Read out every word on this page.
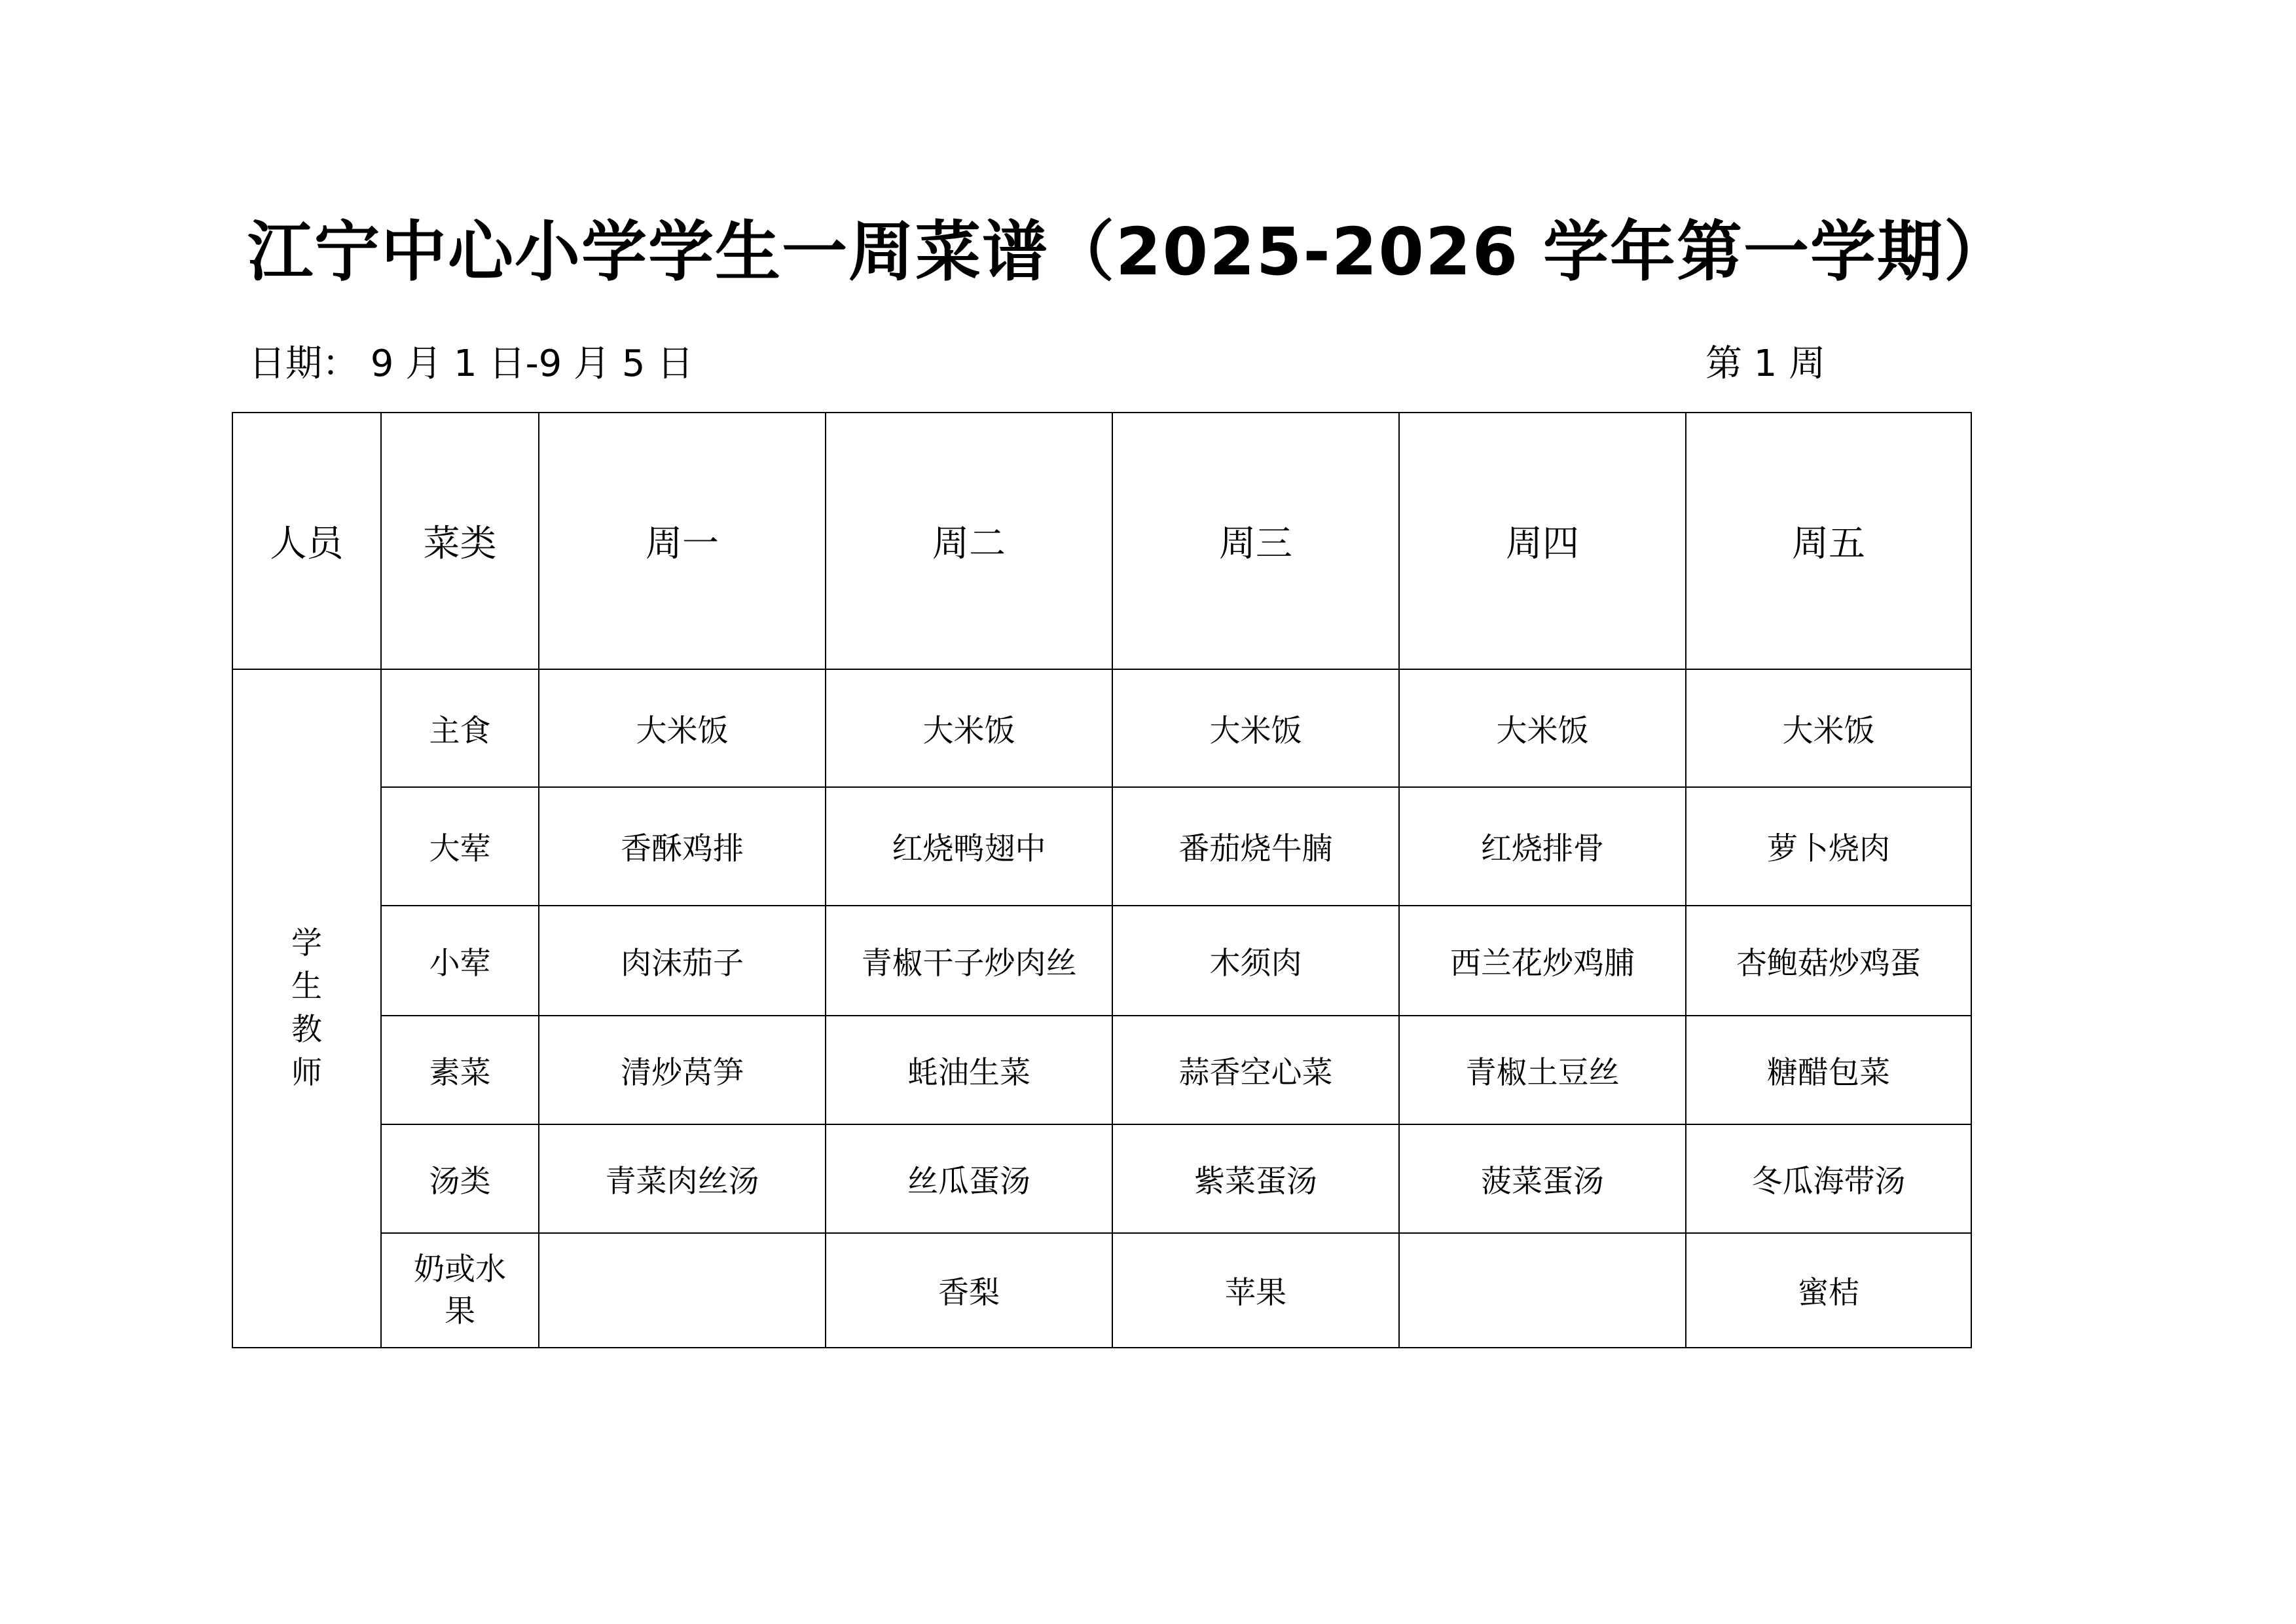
江宁中心小学学生一周菜谱（2025-2026 学年第一学期）
日期： 9 月 1 日-9 月 5 日	第 1 周
人员	菜类	周一	周二	周三	周四	周五
学生教师	主食	大米饭	大米饭	大米饭	大米饭	大米饭
	大荤	香酥鸡排	红烧鸭翅中	番茄烧牛腩	红烧排骨	萝卜烧肉
	小荤	肉沫茄子	青椒干子炒肉丝	木须肉	西兰花炒鸡脯	杏鲍菇炒鸡蛋
	素菜	清炒莴笋	蚝油生菜	蒜香空心菜	青椒土豆丝	糖醋包菜
	汤类	青菜肉丝汤	丝瓜蛋汤	紫菜蛋汤	菠菜蛋汤	冬瓜海带汤
	奶或水果		香梨	苹果		蜜桔
